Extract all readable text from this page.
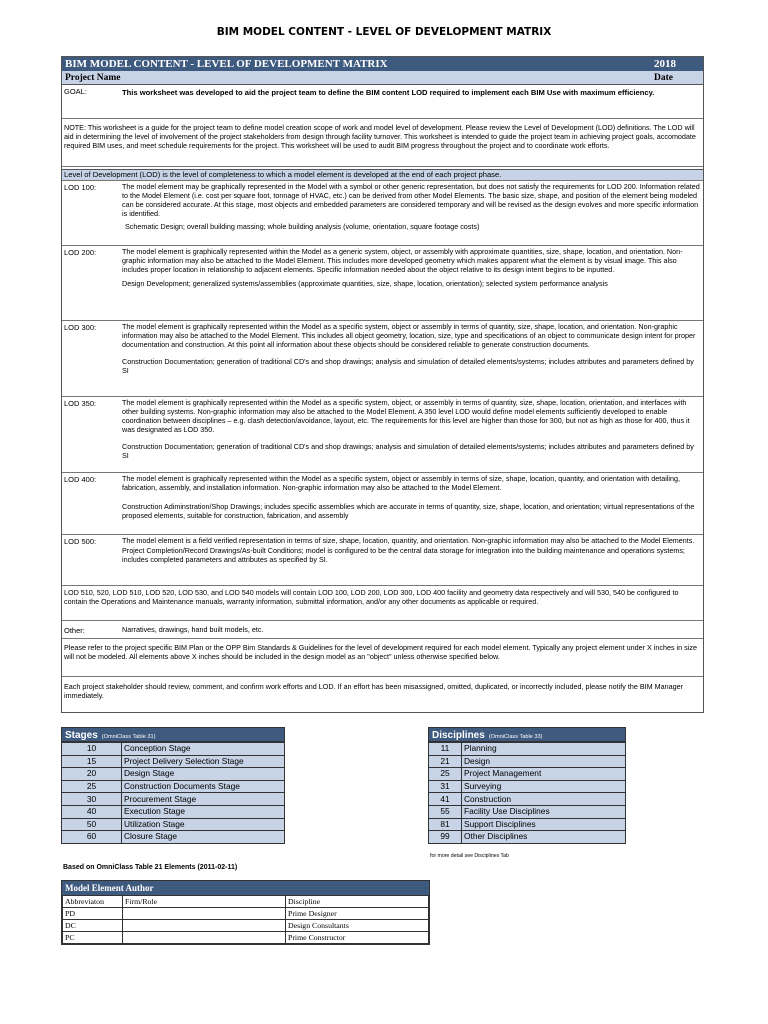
BIM MODEL CONTENT - LEVEL OF DEVELOPMENT MATRIX
BIM MODEL CONTENT - LEVEL OF DEVELOPMENT MATRIX	2018
Project Name	Date
GOAL:	This worksheet was developed to aid the project team to define the BIM content LOD required to implement each BIM Use with maximum efficiency.
NOTE: This worksheet is a guide for the project team to define model creation scope of work and model level of development. Please review the Level of Development (LOD) definitions. The LOD will aid in determining the level of involvement of the project stakeholders from design through facility turnover. This worksheet is intended to guide the project team in achieving project goals, accomodate required BIM uses, and meet schedule requirements for the project. This worksheet will be used to audit BIM progress throughout the project and to coordinate work efforts.
Level of Development (LOD) is the level of completeness to which a model element is developed at the end of each project phase.
LOD 100:	The model element may be graphically represented in the Model with a symbol or other generic representation, but does not satisfy the requirements for LOD 200. Information related to the Model Element (i.e. cost per square foot, tonnage of HVAC, etc.) can be derived from other Model Elements. The basic size, shape, and position of the element being modeled can be considered accurate. At this stage, most objects and embedded parameters are considered temporary and will be revised as the design evolves and more specific information is identified.
Schematic Design; overall building massing; whole building analysis (volume, orientation, square footage costs)
LOD 200:	The model element is graphically represented within the Model as a generic system, object, or assembly with approximate quantities, size, shape, location, and orientation. Non-graphic information may also be attached to the Model Element. This includes more developed geometry which makes apparent what the element is by visual image. This also includes proper location in relationship to adjacent elements. Specific information needed about the object relative to its design intent begins to be inputted.
Design Development; generalized systems/assemblies (approximate quantities, size, shape, location, orientation); selected system performance analysis
LOD 300:	The model element is graphically represented within the Model as a specific system, object or assembly in terms of quantity, size, shape, location, and orientation. Non-graphic information may also be attached to the Model Element. This includes all object geometry, location, size, type and specifications of an object to communicate design intent for proper documentation and construction. At this point all information about these objects should be considered reliable to generate construction documents.
Construction Documentation; generation of traditional CD's and shop drawings; analysis and simulation of detailed elements/systems; includes attributes and parameters defined by SI
LOD 350:	The model element is graphically represented within the Model as a specific system, object, or assembly in terms of quantity, size, shape, location, orientation, and interfaces with other building systems. Non-graphic information may also be attached to the Model Element. A 350 level LOD would define model elements sufficiently developed to enable coordination between disciplines – e.g. clash detection/avoidance, layout, etc. The requirements for this level are higher than those for 300, but not as high as those for 400, thus it was designated as LOD 350.
Construction Documentation; generation of traditional CD's and shop drawings; analysis and simulation of detailed elements/systems; includes attributes and parameters defined by SI
LOD 400:	The model element is graphically represented within the Model as a specific system, object or assembly in terms of size, shape, location, quantity, and orientation with detailing, fabrication, assembly, and installation information. Non-graphic information may also be attached to the Model Element.
Construction Adiminstration/Shop Drawings; includes specific assemblies which are accurate in terms of quantity, size, shape, location, and orientation; virtual representations of the proposed elements, suitable for construction, fabrication, and assembly
LOD 500:	The model element is a field verified representation in terms of size, shape, location, quantity, and orientation. Non-graphic information may also be attached to the Model Elements.
Project Completion/Record Drawings/As-built Conditions; model is configured to be the central data storage for integration into the building maintenance and operations systems; includes completed parameters and attributes as specified by SI.
LOD 510, 520, LOD 510, LOD 520, LOD 530, and LOD 540 models will contain LOD 100, LOD 200, LOD 300, LOD 400 facility and geometry data respectively and will 530, 540 be configured to contain the Operations and Maintenance manuals, warranty information, submittal information, and/or any other documents as applicable or required.
Other:	Narratives, drawings, hand built models, etc.
Please refer to the project specific BIM Plan or the OPP Bim Standards & Guidelines for the level of development required for each model element. Typically any project element under X inches in size will not be modeled. All elements above X inches should be included in the design model as an "object" unless otherwise specified below.
Each project stakeholder should review, comment, and confirm work efforts and LOD. If an effort has been misassigned, omitted, duplicated, or incorrectly included, please notify the BIM Manager immediately.
Stages (OmniClass Table 31)
10	Conception Stage
15	Project Delivery Selection Stage
20	Design Stage
25	Construction Documents Stage
30	Procurement Stage
40	Execution Stage
50	Utilization Stage
60	Closure Stage
Disciplines (OmniClass Table 33)
11	Planning
21	Design
25	Project Management
31	Surveying
41	Construction
55	Facility Use Disciplines
81	Support Disciplines
99	Other Disciplines
for more detail see Disciplines Tab
Based on OmniClass Table 21 Elements (2011-02-11)
Model Element Author
Abbreviaton	Firm/Role	Discipline
PD		Prime Designer
DC		Design Consultants
PC		Prime Constructor
